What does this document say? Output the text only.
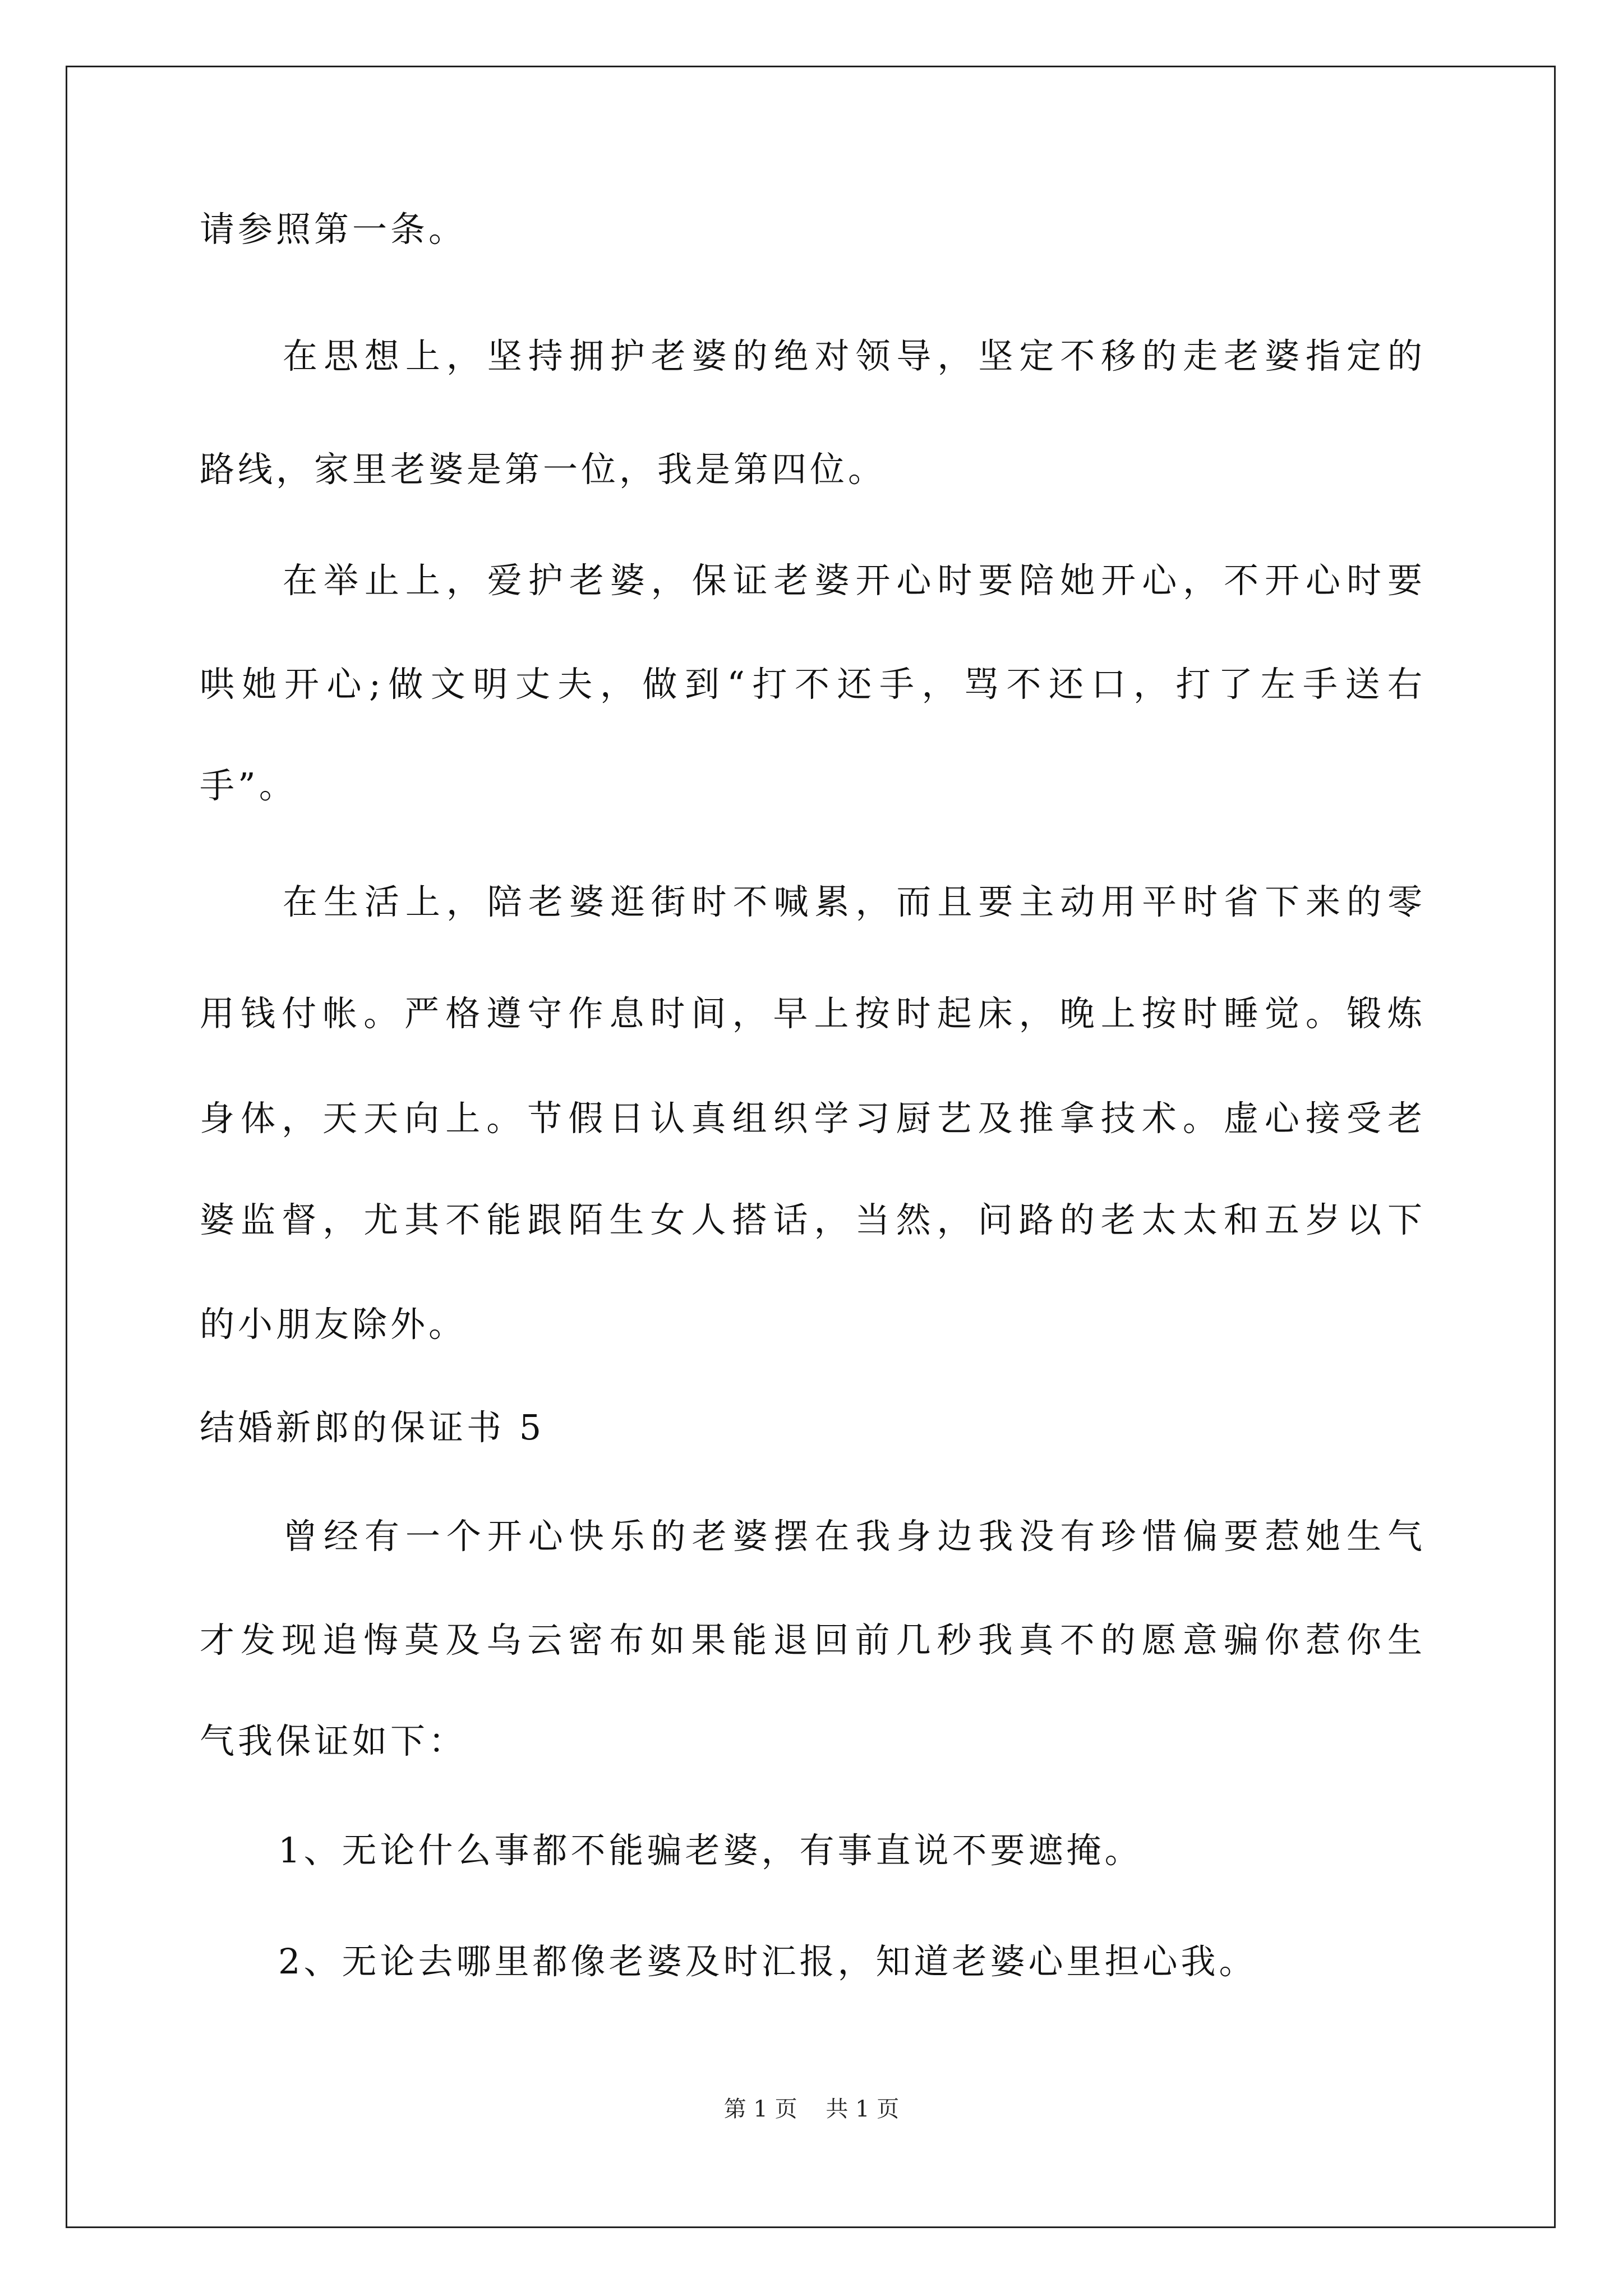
请参照第一条。
在思想上，坚持拥护老婆的绝对领导，坚定不移的走老婆指定的
路线，家里老婆是第一位，我是第四位。
在举止上，爱护老婆，保证老婆开心时要陪她开心，不开心时要
哄她开心;做文明丈夫，做到“打不还手，骂不还口，打了左手送右
手”。
在生活上，陪老婆逛街时不喊累，而且要主动用平时省下来的零
用钱付帐。严格遵守作息时间，早上按时起床，晚上按时睡觉。锻炼
身体，天天向上。节假日认真组织学习厨艺及推拿技术。虚心接受老
婆监督，尤其不能跟陌生女人搭话，当然，问路的老太太和五岁以下
的小朋友除外。
结婚新郎的保证书 5
曾经有一个开心快乐的老婆摆在我身边我没有珍惜偏要惹她生气
才发现追悔莫及乌云密布如果能退回前几秒我真不的愿意骗你惹你生
气我保证如下：
1、无论什么事都不能骗老婆，有事直说不要遮掩。
2、无论去哪里都像老婆及时汇报，知道老婆心里担心我。
第 1 页    共 1 页
